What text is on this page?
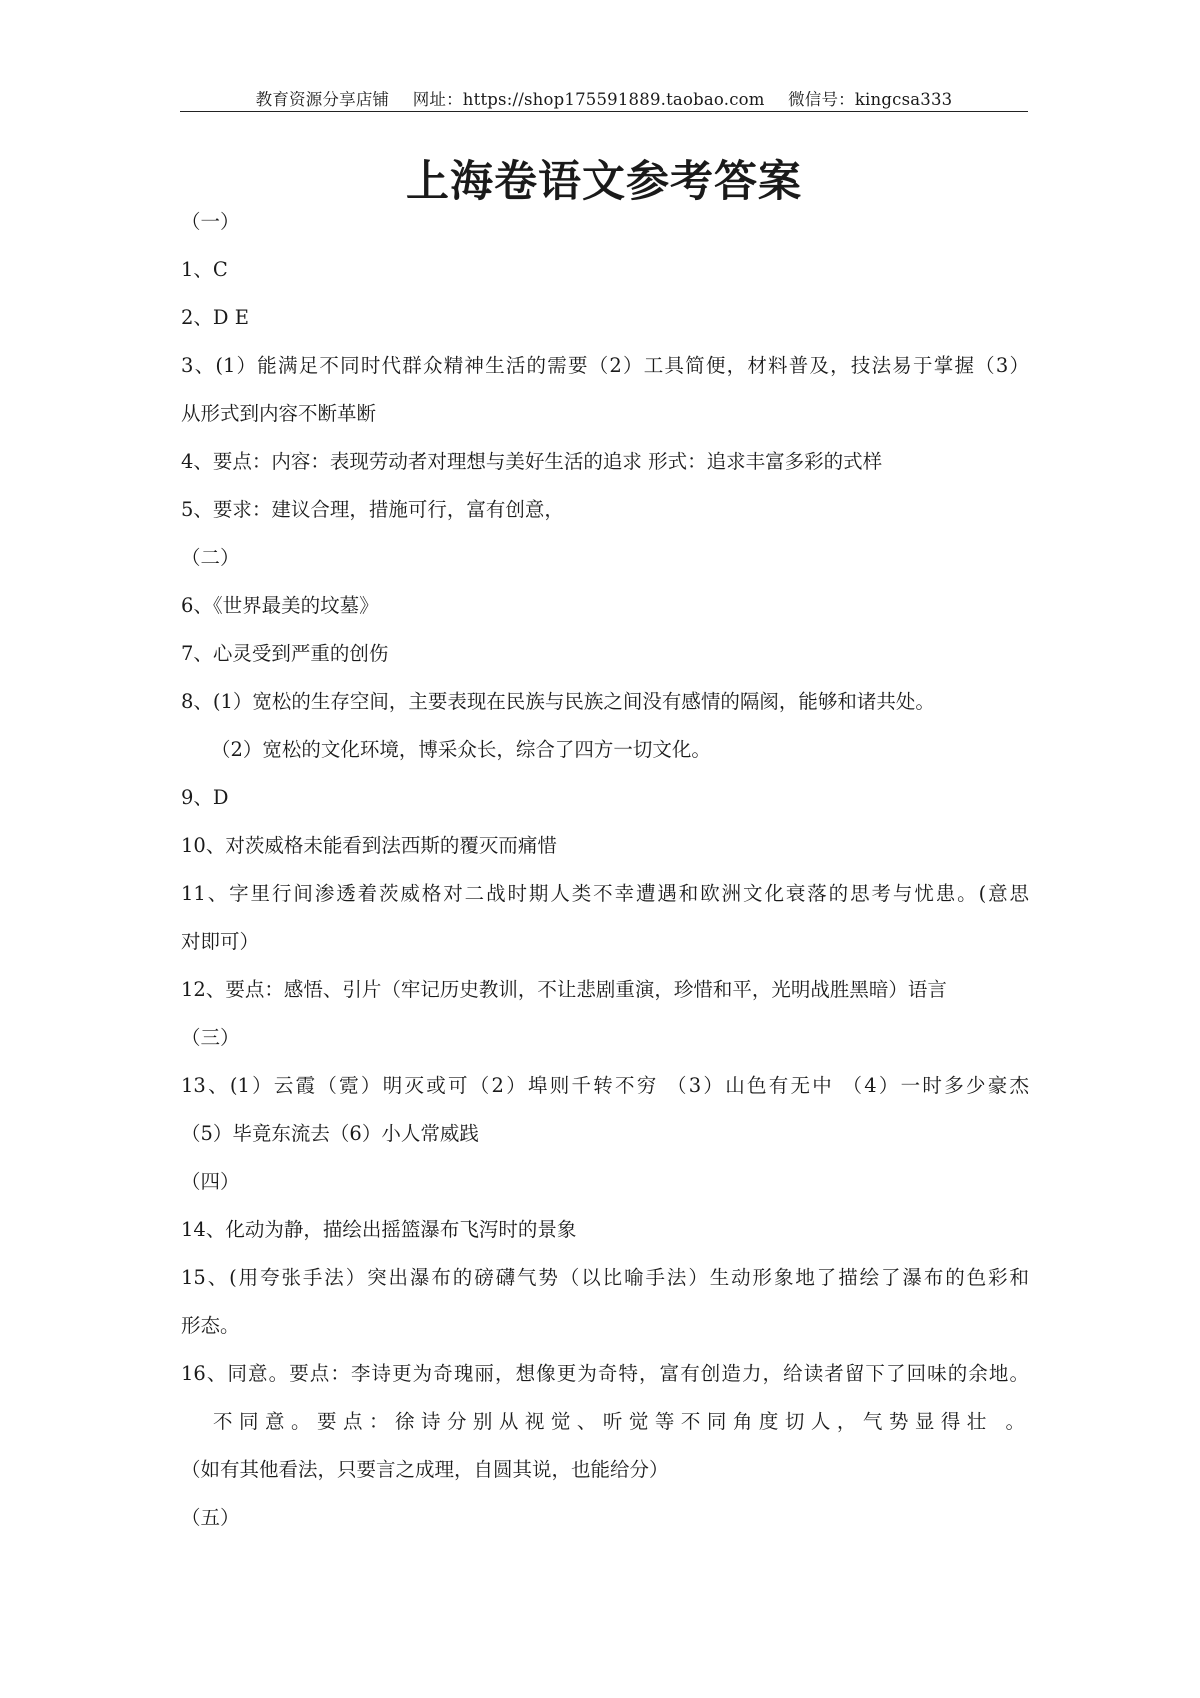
教育资源分享店铺 网址：https://shop175591889.taobao.com 微信号：kingcsa333
上海卷语文参考答案
（一）
1、C
2、D E
3、(1）能满足不同时代群众精神生活的需要（2）工具简便，材料普及，技法易于掌握（3）
从形式到内容不断革断
4、要点：内容：表现劳动者对理想与美好生活的追求 形式：追求丰富多彩的式样
5、要求：建议合理，措施可行，富有创意，
（二）
6、《世界最美的坟墓》
7、心灵受到严重的创伤
8、(1）宽松的生存空间，主要表现在民族与民族之间没有感情的隔阂，能够和诸共处。
（2）宽松的文化环境，博采众长，综合了四方一切文化。
9、D
10、对茨威格未能看到法西斯的覆灭而痛惜
11、字里行间渗透着茨威格对二战时期人类不幸遭遇和欧洲文化衰落的思考与忧患。(意思
对即可）
12、要点：感悟、引片（牢记历史教训，不让悲剧重演，珍惜和平，光明战胜黑暗）语言
（三）
13、(1）云霞（霓）明灭或可（2）埠则千转不穷 （3）山色有无中 （4）一时多少豪杰
（5）毕竟东流去（6）小人常威践
（四）
14、化动为静，描绘出摇篮瀑布飞泻时的景象
15、(用夸张手法）突出瀑布的磅礴气势（以比喻手法）生动形象地了描绘了瀑布的色彩和
形态。
16、同意。要点：李诗更为奇瑰丽，想像更为奇特，富有创造力，给读者留下了回味的余地。
不同意。要点：徐诗分别从视觉、听觉等不同角度切人，气势显得壮 。
（如有其他看法，只要言之成理，自圆其说，也能给分）
（五）
